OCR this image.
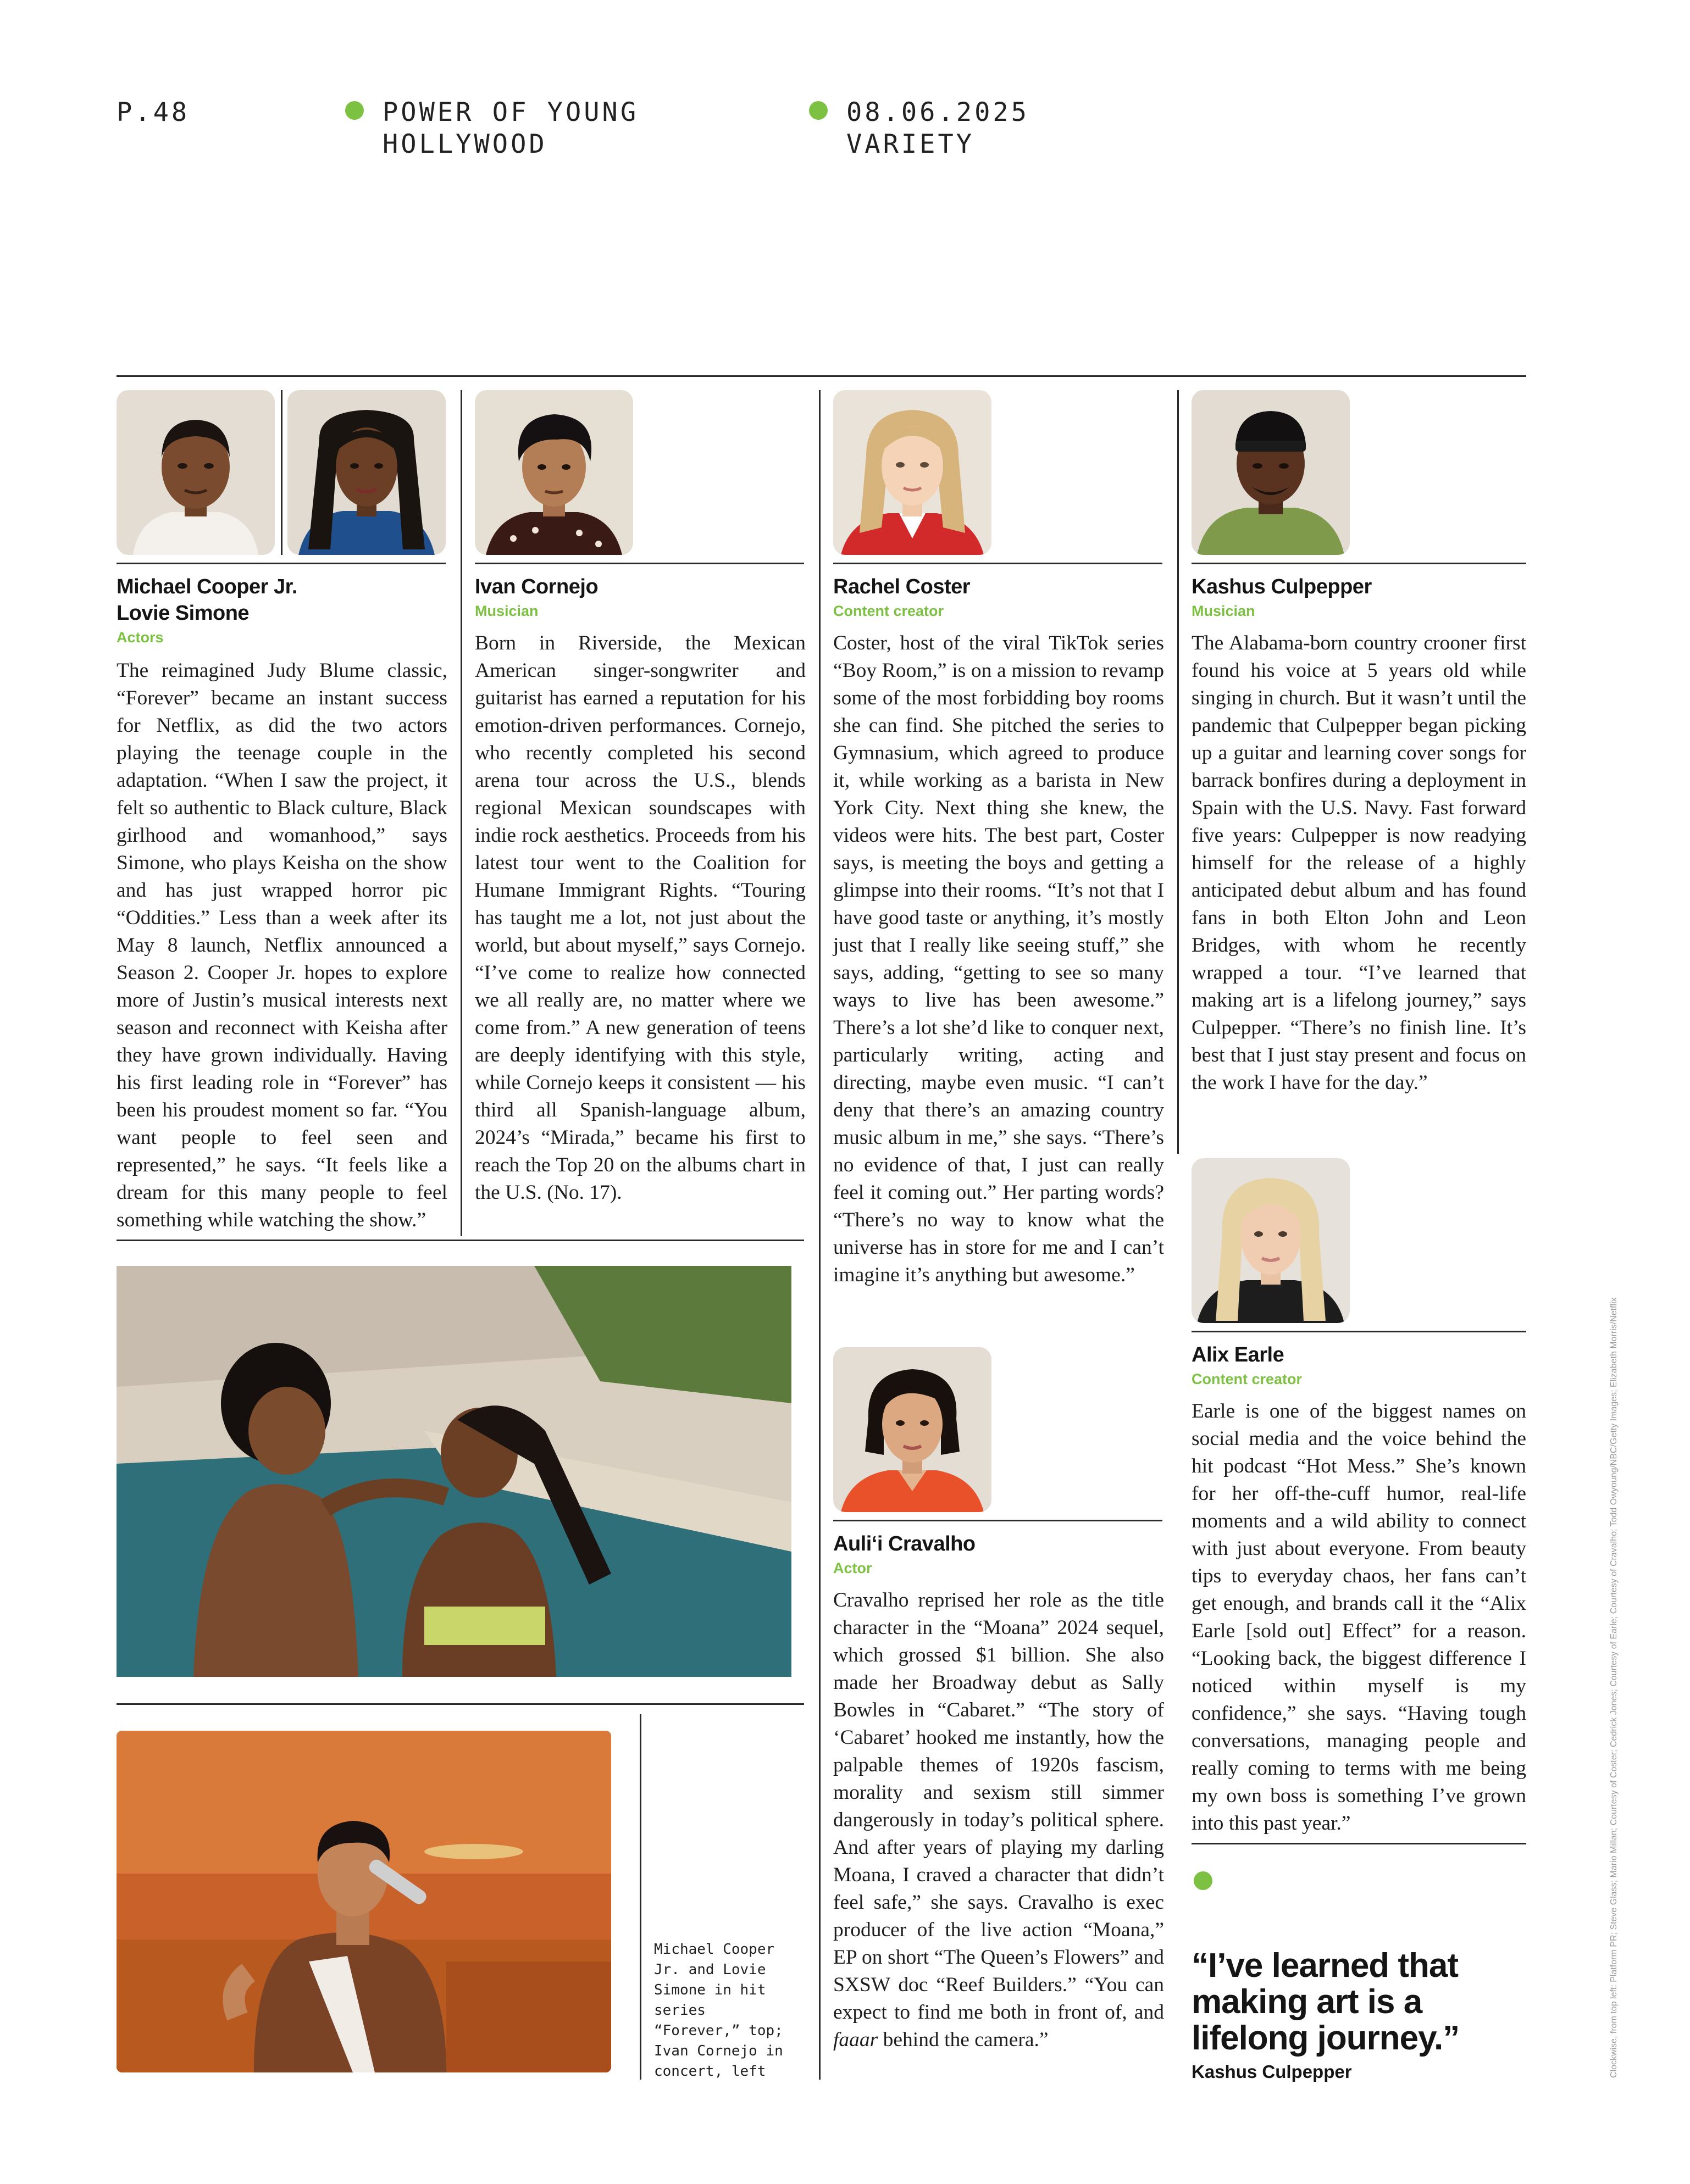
P.48	POWER OF YOUNG HOLLYWOOD
08.06.2025
VARIETY
Michael Cooper Jr.
Lovie Simone
Actors
The reimagined Judy Blume classic, “Forever” became an instant success for Netflix, as did the two actors playing the teenage couple in the adaptation. “When I saw the project, it felt so authentic to Black culture, Black girlhood and womanhood,” says Simone, who plays Keisha on the show and has just wrapped horror pic “Oddities.” Less than a week after its May 8 launch, Netflix announced a Season 2. Cooper Jr. hopes to explore more of Justin’s musical interests next season and reconnect with Keisha after they have grown individually. Having his first leading role in “Forever” has been his proudest moment so far. “You want people to feel seen and represented,” he says. “It feels like a dream for this many people to feel something while watching the show.”
Ivan Cornejo
Musician
Born in Riverside, the Mexican American singer-songwriter and guitarist has earned a reputation for his emotion-driven performances. Cornejo, who recently completed his second arena tour across the U.S., blends regional Mexican soundscapes with indie rock aesthetics. Proceeds from his latest tour went to the Coalition for Humane Immigrant Rights. “Touring has taught me a lot, not just about the world, but about myself,” says Cornejo. “I’ve come to realize how connected we all really are, no matter where we come from.” A new generation of teens are deeply identifying with this style, while Cornejo keeps it consistent — his third all Spanish-language album, 2024’s “Mirada,” became his first to reach the Top 20 on the albums chart in the U.S. (No. 17).
Michael Cooper Jr. and Lovie Simone in hit series “Forever,” top; Ivan Cornejo in concert, left
Rachel Coster
Content creator
Coster, host of the viral TikTok series “Boy Room,” is on a mission to revamp some of the most forbidding boy rooms she can find. She pitched the series to Gymnasium, which agreed to produce it, while working as a barista in New York City. Next thing she knew, the videos were hits. The best part, Coster says, is meeting the boys and getting a glimpse into their rooms. “It’s not that I have good taste or anything, it’s mostly just that I really like seeing stuff,” she says, adding, “getting to see so many ways to live has been awesome.” There’s a lot she’d like to conquer next, particularly writing, acting and directing, maybe even music. “I can’t deny that there’s an amazing country music album in me,” she says. “There’s no evidence of that, I just can really feel it coming out.” Her parting words? “There’s no way to know what the universe has in store for me and I can’t imagine it’s anything but awesome.”
Auli‘i Cravalho
Actor
Cravalho reprised her role as the title character in the “Moana” 2024 sequel, which grossed $1 billion. She also made her Broadway debut as Sally Bowles in “Cabaret.” “The story of ‘Cabaret’ hooked me instantly, how the palpable themes of 1920s fascism, morality and sexism still simmer dangerously in today’s political sphere. And after years of playing my darling Moana, I craved a character that didn’t feel safe,” she says. Cravalho is exec producer of the live action “Moana,” EP on short “The Queen’s Flowers” and SXSW doc “Reef Builders.” “You can expect to find me both in front of, and faaar behind the camera.”
Kashus Culpepper
Musician
The Alabama-born country crooner first found his voice at 5 years old while singing in church. But it wasn’t until the pandemic that Culpepper began picking up a guitar and learning cover songs for barrack bonfires during a deployment in Spain with the U.S. Navy. Fast forward five years: Culpepper is now readying himself for the release of a highly anticipated debut album and has found fans in both Elton John and Leon Bridges, with whom he recently wrapped a tour. “I’ve learned that making art is a lifelong journey,” says Culpepper. “There’s no finish line. It’s best that I just stay present and focus on the work I have for the day.”
Alix Earle
Content creator
Earle is one of the biggest names on social media and the voice behind the hit podcast “Hot Mess.” She’s known for her off-the-cuff humor, real-life moments and a wild ability to connect with just about everyone. From beauty tips to everyday chaos, her fans can’t get enough, and brands call it the “Alix Earle [sold out] Effect” for a reason. “Looking back, the biggest difference I noticed within myself is my confidence,” she says. “Having tough conversations, managing people and really coming to terms with me being my own boss is something I’ve grown into this past year.”
“I’ve learned that making art is a lifelong journey.”
Kashus Culpepper	Clockwise, from top left: Platform PR; Steve Glass; Mario Millan; Courtesy of Coster; Cedrick Jones; Courtesy of Earle; Courtesy of Cravalho; Todd Owyoung/NBC/Getty Images; Elizabeth Morris/Netflix
